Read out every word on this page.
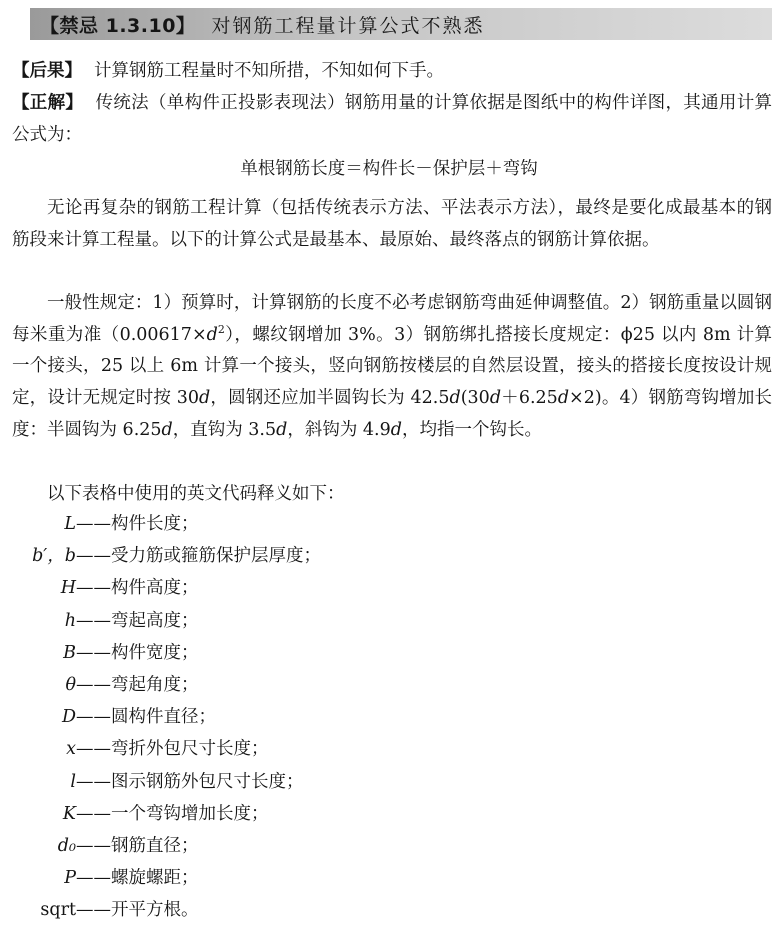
【禁忌 1.3.10】 对钢筋工程量计算公式不熟悉

【后果】 计算钢筋工程量时不知所措，不知如何下手。

【正解】 传统法（单构件正投影表现法）钢筋用量的计算依据是图纸中的构件详图，其通用计算公式为：

单根钢筋长度＝构件长－保护层＋弯钩

无论再复杂的钢筋工程计算（包括传统表示方法、平法表示方法），最终是要化成最基本的钢筋段来计算工程量。以下的计算公式是最基本、最原始、最终落点的钢筋计算依据。

一般性规定：1）预算时，计算钢筋的长度不必考虑钢筋弯曲延伸调整值。2）钢筋重量以圆钢每米重为准$(0.00617\times d^2)$，螺纹钢增加 3%。3）钢筋绑扎搭接长度规定：ϕ25 以内 8m 计算一个接头，25 以上 6m 计算一个接头，竖向钢筋按楼层的自然层设置，接头的搭接长度按设计规定，设计无规定时按 30d，圆钢还应加半圆钩长为 42.5d(30d＋6.25d×2)。4）钢筋弯钩增加长度：半圆钩为 6.25d，直钩为 3.5d，斜钩为 4.9d，均指一个钩长。

以下表格中使用的英文代码释义如下：

L —— 构件长度；
b′，b —— 受力筋或箍筋保护层厚度；
H —— 构件高度；
h —— 弯起高度；
B —— 构件宽度；
θ —— 弯起角度；
D —— 圆构件直径；
x —— 弯折外包尺寸长度；
l —— 图示钢筋外包尺寸长度；
K —— 一个弯钩增加长度；
d₀ —— 钢筋直径；
P —— 螺旋螺距；
sqrt —— 开平方根。
